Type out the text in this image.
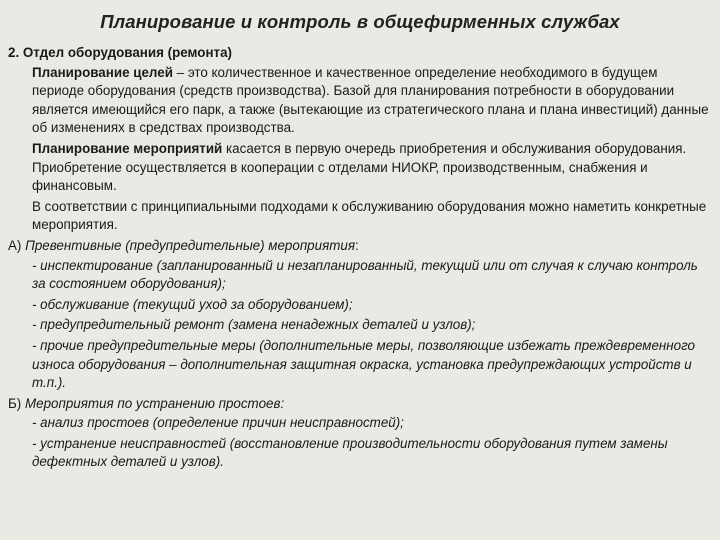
Планирование и контроль в общефирменных службах

2. Отдел оборудования (ремонта)

Планирование целей – это количественное и качественное определение необходимого в будущем периоде оборудования (средств производства). Базой для планирования потребности в оборудовании является имеющийся его парк, а также (вытекающие из стратегического плана и плана инвестиций) данные об изменениях в средствах производства.

Планирование мероприятий касается в первую очередь приобретения и обслуживания оборудования. Приобретение осуществляется в кооперации с отделами НИОКР, производственным, снабжения и финансовым.

В соответствии с принципиальными подходами к обслуживанию оборудования можно наметить конкретные мероприятия.

А) Превентивные (предупредительные) мероприятия:

- инспектирование (запланированный и незапланированный, текущий или от случая к случаю контроль за состоянием оборудования);

- обслуживание (текущий уход за оборудованием);

- предупредительный ремонт (замена ненадежных деталей и узлов);

- прочие предупредительные меры (дополнительные меры, позволяющие избежать преждевременного износа оборудования – дополнительная защитная окраска, установка предупреждающих устройств и т.п.).

Б) Мероприятия по устранению простоев:

- анализ простоев (определение причин неисправностей);

- устранение неисправностей (восстановление производительности оборудования путем замены дефектных деталей и узлов).
